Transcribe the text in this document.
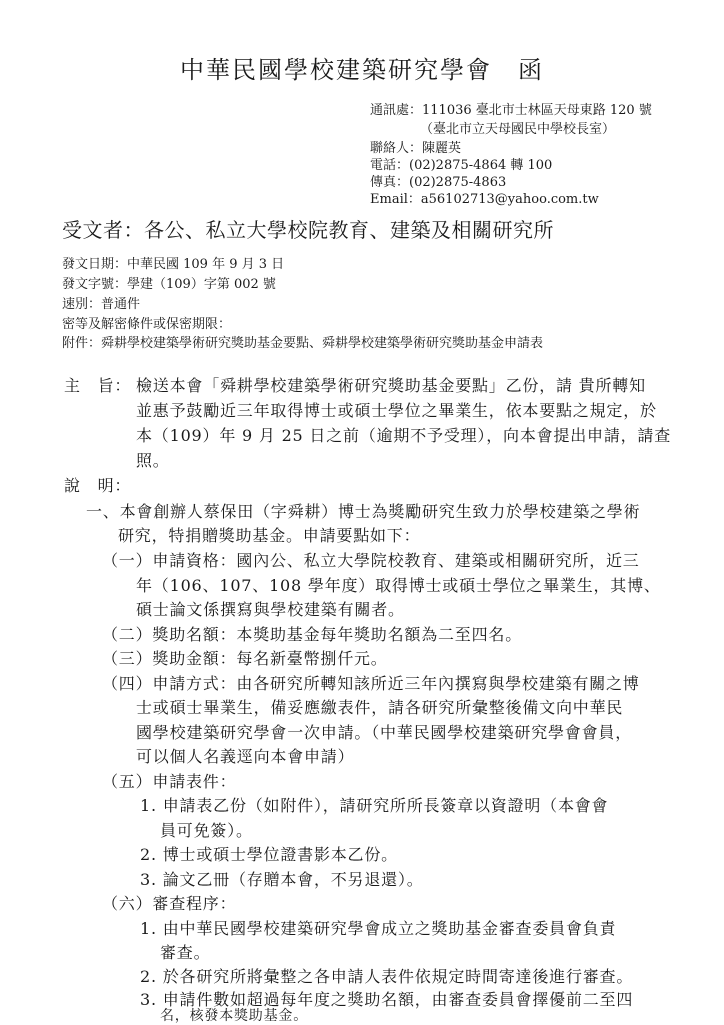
中華民國學校建築研究學會　函
通訊處：111036 臺北市士林區天母東路 120 號
（臺北市立天母國民中學校長室）
聯絡人：陳麗英
電話：(02)2875-4864 轉 100
傳真：(02)2875-4863
Email：a56102713@yahoo.com.tw
受文者：各公、私立大學校院教育、建築及相關研究所
發文日期：中華民國 109 年 9 月 3 日
發文字號：學建（109）字第 002 號
速別：普通件
密等及解密條件或保密期限：
附件：舜耕學校建築學術研究獎助基金要點、舜耕學校建築學術研究獎助基金申請表
主　旨： 檢送本會「舜耕學校建築學術研究獎助基金要點」乙份，請 貴所轉知
並惠予鼓勵近三年取得博士或碩士學位之畢業生，依本要點之規定，於
本（109）年 9 月 25 日之前（逾期不予受理），向本會提出申請，請查
照。
說　明：
一、本會創辦人蔡保田（字舜耕）博士為獎勵研究生致力於學校建築之學術
研究，特捐贈獎助基金。申請要點如下：
（一）申請資格：國內公、私立大學院校教育、建築或相關研究所，近三
年（106、107、108 學年度）取得博士或碩士學位之畢業生，其博、
碩士論文係撰寫與學校建築有關者。
（二）獎助名額：本獎助基金每年獎助名額為二至四名。
（三）獎助金額：每名新臺幣捌仟元。
（四）申請方式：由各研究所轉知該所近三年內撰寫與學校建築有關之博
士或碩士畢業生，備妥應繳表件，請各研究所彙整後備文向中華民
國學校建築研究學會一次申請。（中華民國學校建築研究學會會員，
可以個人名義逕向本會申請）
（五）申請表件：
1. 申請表乙份（如附件），請研究所所長簽章以資證明（本會會
員可免簽）。
2. 博士或碩士學位證書影本乙份。
3. 論文乙冊（存贈本會，不另退還）。
（六）審查程序：
1. 由中華民國學校建築研究學會成立之獎助基金審查委員會負責
審查。
2. 於各研究所將彙整之各申請人表件依規定時間寄達後進行審查。
3. 申請件數如超過每年度之獎助名額，由審查委員會擇優前二至四
名，核發本獎助基金。
